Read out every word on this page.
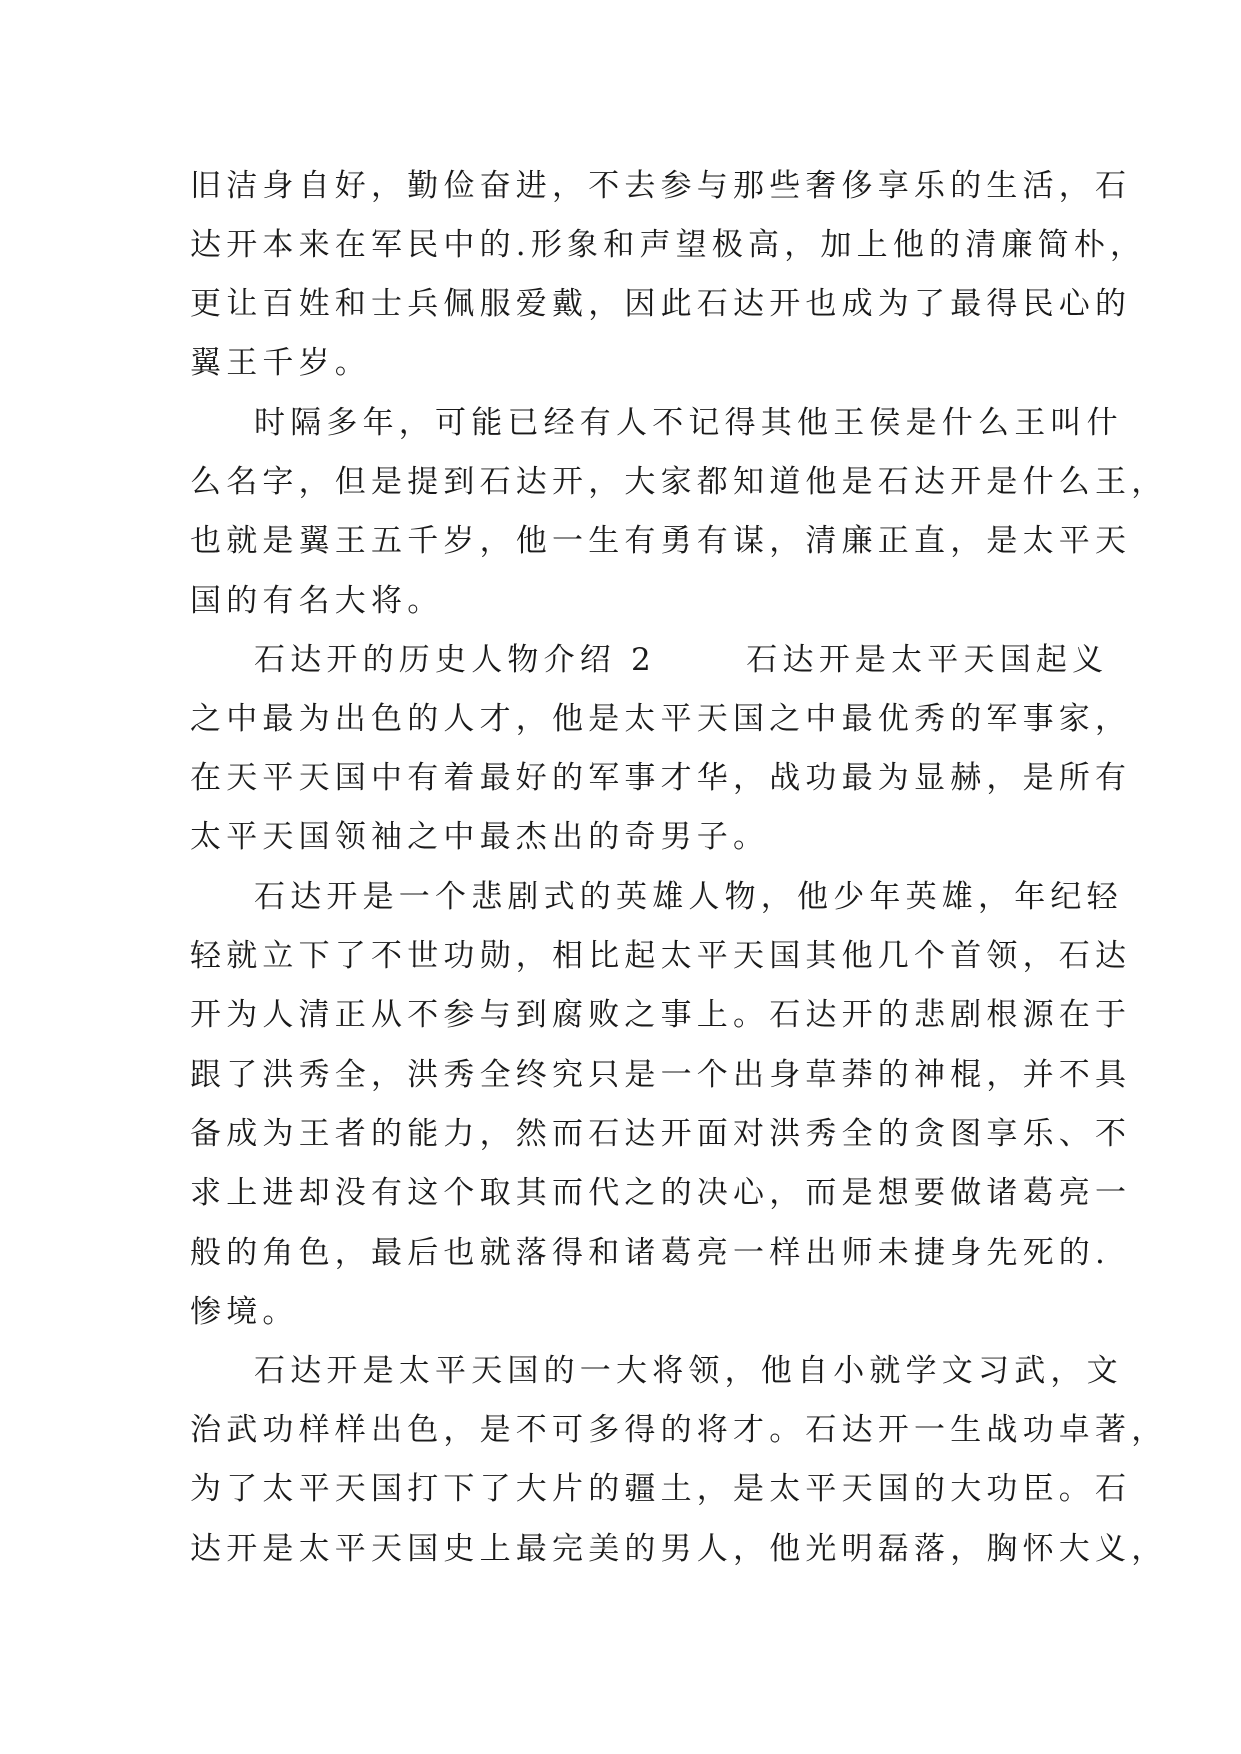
旧洁身自好，勤俭奋进，不去参与那些奢侈享乐的生活，石
达开本来在军民中的.形象和声望极高，加上他的清廉简朴，
更让百姓和士兵佩服爱戴，因此石达开也成为了最得民心的
翼王千岁。
时隔多年，可能已经有人不记得其他王侯是什么王叫什
么名字，但是提到石达开，大家都知道他是石达开是什么王，
也就是翼王五千岁，他一生有勇有谋，清廉正直，是太平天
国的有名大将。
石达开的历史人物介绍 2      石达开是太平天国起义
之中最为出色的人才，他是太平天国之中最优秀的军事家，
在天平天国中有着最好的军事才华，战功最为显赫，是所有
太平天国领袖之中最杰出的奇男子。
石达开是一个悲剧式的英雄人物，他少年英雄，年纪轻
轻就立下了不世功勋，相比起太平天国其他几个首领，石达
开为人清正从不参与到腐败之事上。石达开的悲剧根源在于
跟了洪秀全，洪秀全终究只是一个出身草莽的神棍，并不具
备成为王者的能力，然而石达开面对洪秀全的贪图享乐、不
求上进却没有这个取其而代之的决心，而是想要做诸葛亮一
般的角色，最后也就落得和诸葛亮一样出师未捷身先死的.
惨境。
石达开是太平天国的一大将领，他自小就学文习武，文
治武功样样出色，是不可多得的将才。石达开一生战功卓著，
为了太平天国打下了大片的疆土，是太平天国的大功臣。石
达开是太平天国史上最完美的男人，他光明磊落，胸怀大义，
